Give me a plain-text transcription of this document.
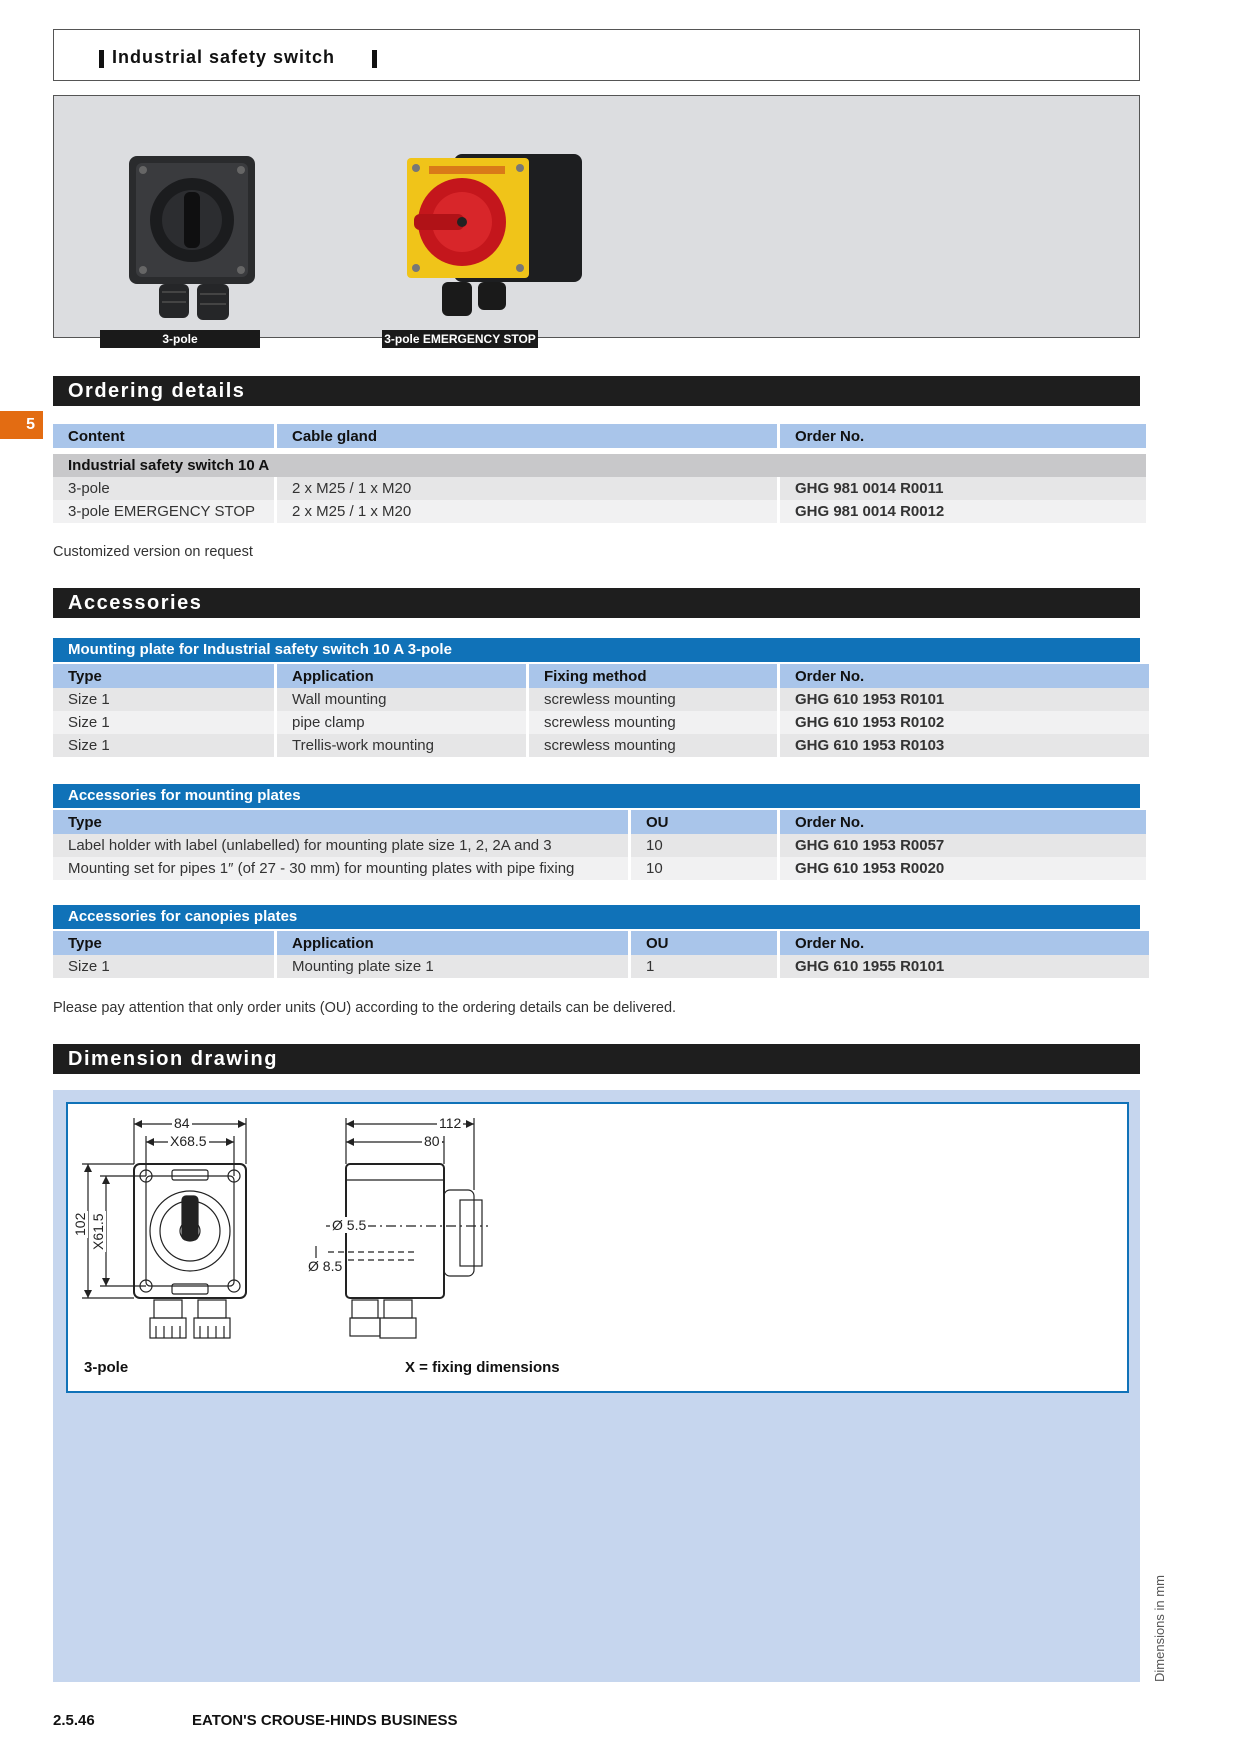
Industrial safety switch
3-pole	3-pole EMERGENCY STOP
Ordering details
5
Content	Cable gland	Order No.

Industrial safety switch 10 A		
3-pole	2 x M25 / 1 x M20	GHG 981 0014 R0011
3-pole EMERGENCY STOP	2 x M25 / 1 x M20	GHG 981 0014 R0012
Customized version on request
Accessories
Mounting plate for Industrial safety switch 10 A 3-pole
Type	Application	Fixing method	Order No.
Size 1	Wall mounting	screwless mounting	GHG 610 1953 R0101
Size 1	pipe clamp	screwless mounting	GHG 610 1953 R0102
Size 1	Trellis-work mounting	screwless mounting	GHG 610 1953 R0103
Accessories for mounting plates
Type	OU	Order No.
Label holder with label (unlabelled) for mounting plate size 1, 2, 2A and 3	10	GHG 610 1953 R0057
Mounting set for pipes 1″ (of 27 - 30 mm) for mounting plates with pipe fixing	10	GHG 610 1953 R0020
Accessories for canopies plates
Type	Application	OU	Order No.
Size 1	Mounting plate size 1	1	GHG 610 1955 R0101
Please pay attention that only order units (OU) according to the ordering details can be delivered.
Dimension drawing
84
X68.5
102 X61.5
112
80
Ø 5.5
Ø 8.5
3-pole	X = fixing dimensions
Dimensions in mm
2.5.46	EATON'S CROUSE-HINDS BUSINESS
